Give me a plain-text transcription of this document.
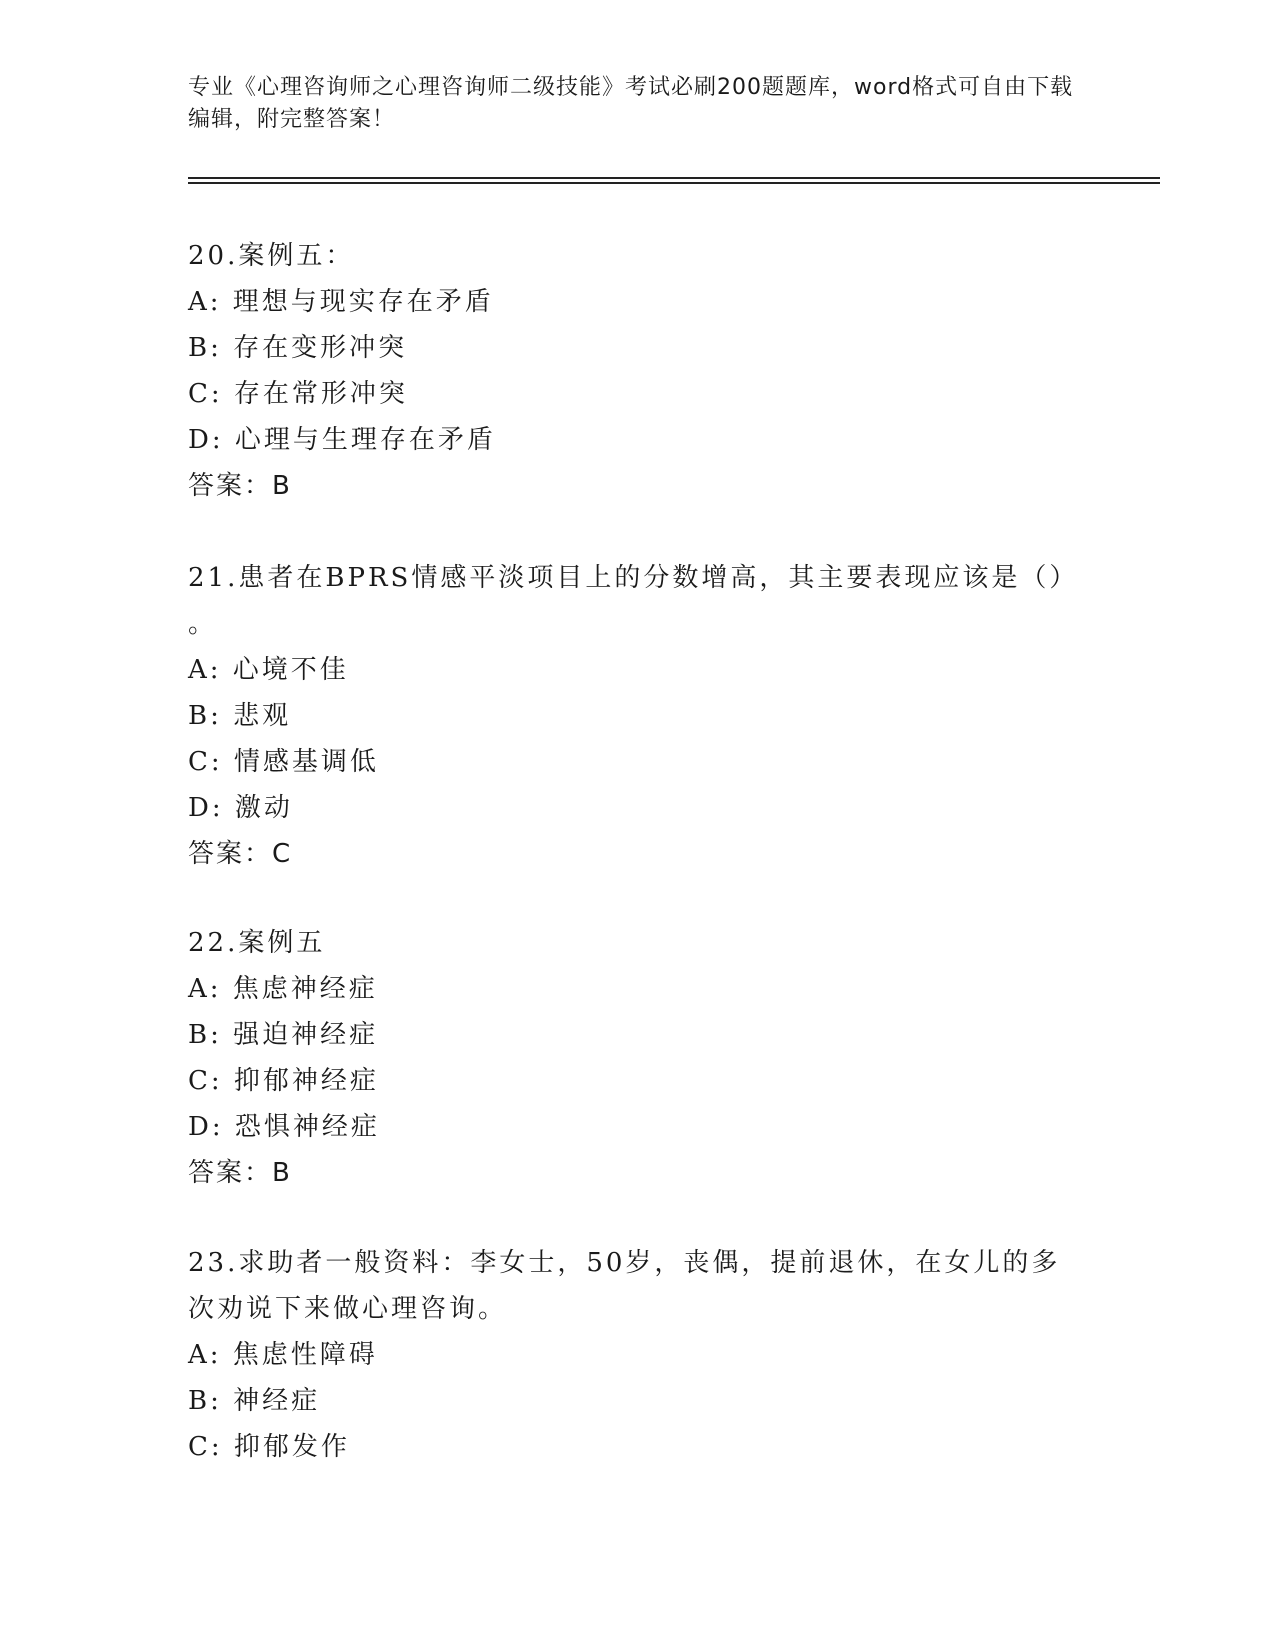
专业《心理咨询师之心理咨询师二级技能》考试必刷200题题库，word格式可自由下载编辑，附完整答案！
20.案例五：
A: 理想与现实存在矛盾
B: 存在变形冲突
C: 存在常形冲突
D: 心理与生理存在矛盾
答案：B
21.患者在BPRS情感平淡项目上的分数增高，其主要表现应该是（）
。
A: 心境不佳
B: 悲观
C: 情感基调低
D: 激动
答案：C
22.案例五
A: 焦虑神经症
B: 强迫神经症
C: 抑郁神经症
D: 恐惧神经症
答案：B
23.求助者一般资料：李女士，50岁，丧偶，提前退休，在女儿的多次劝说下来做心理咨询。
A: 焦虑性障碍
B: 神经症
C: 抑郁发作
